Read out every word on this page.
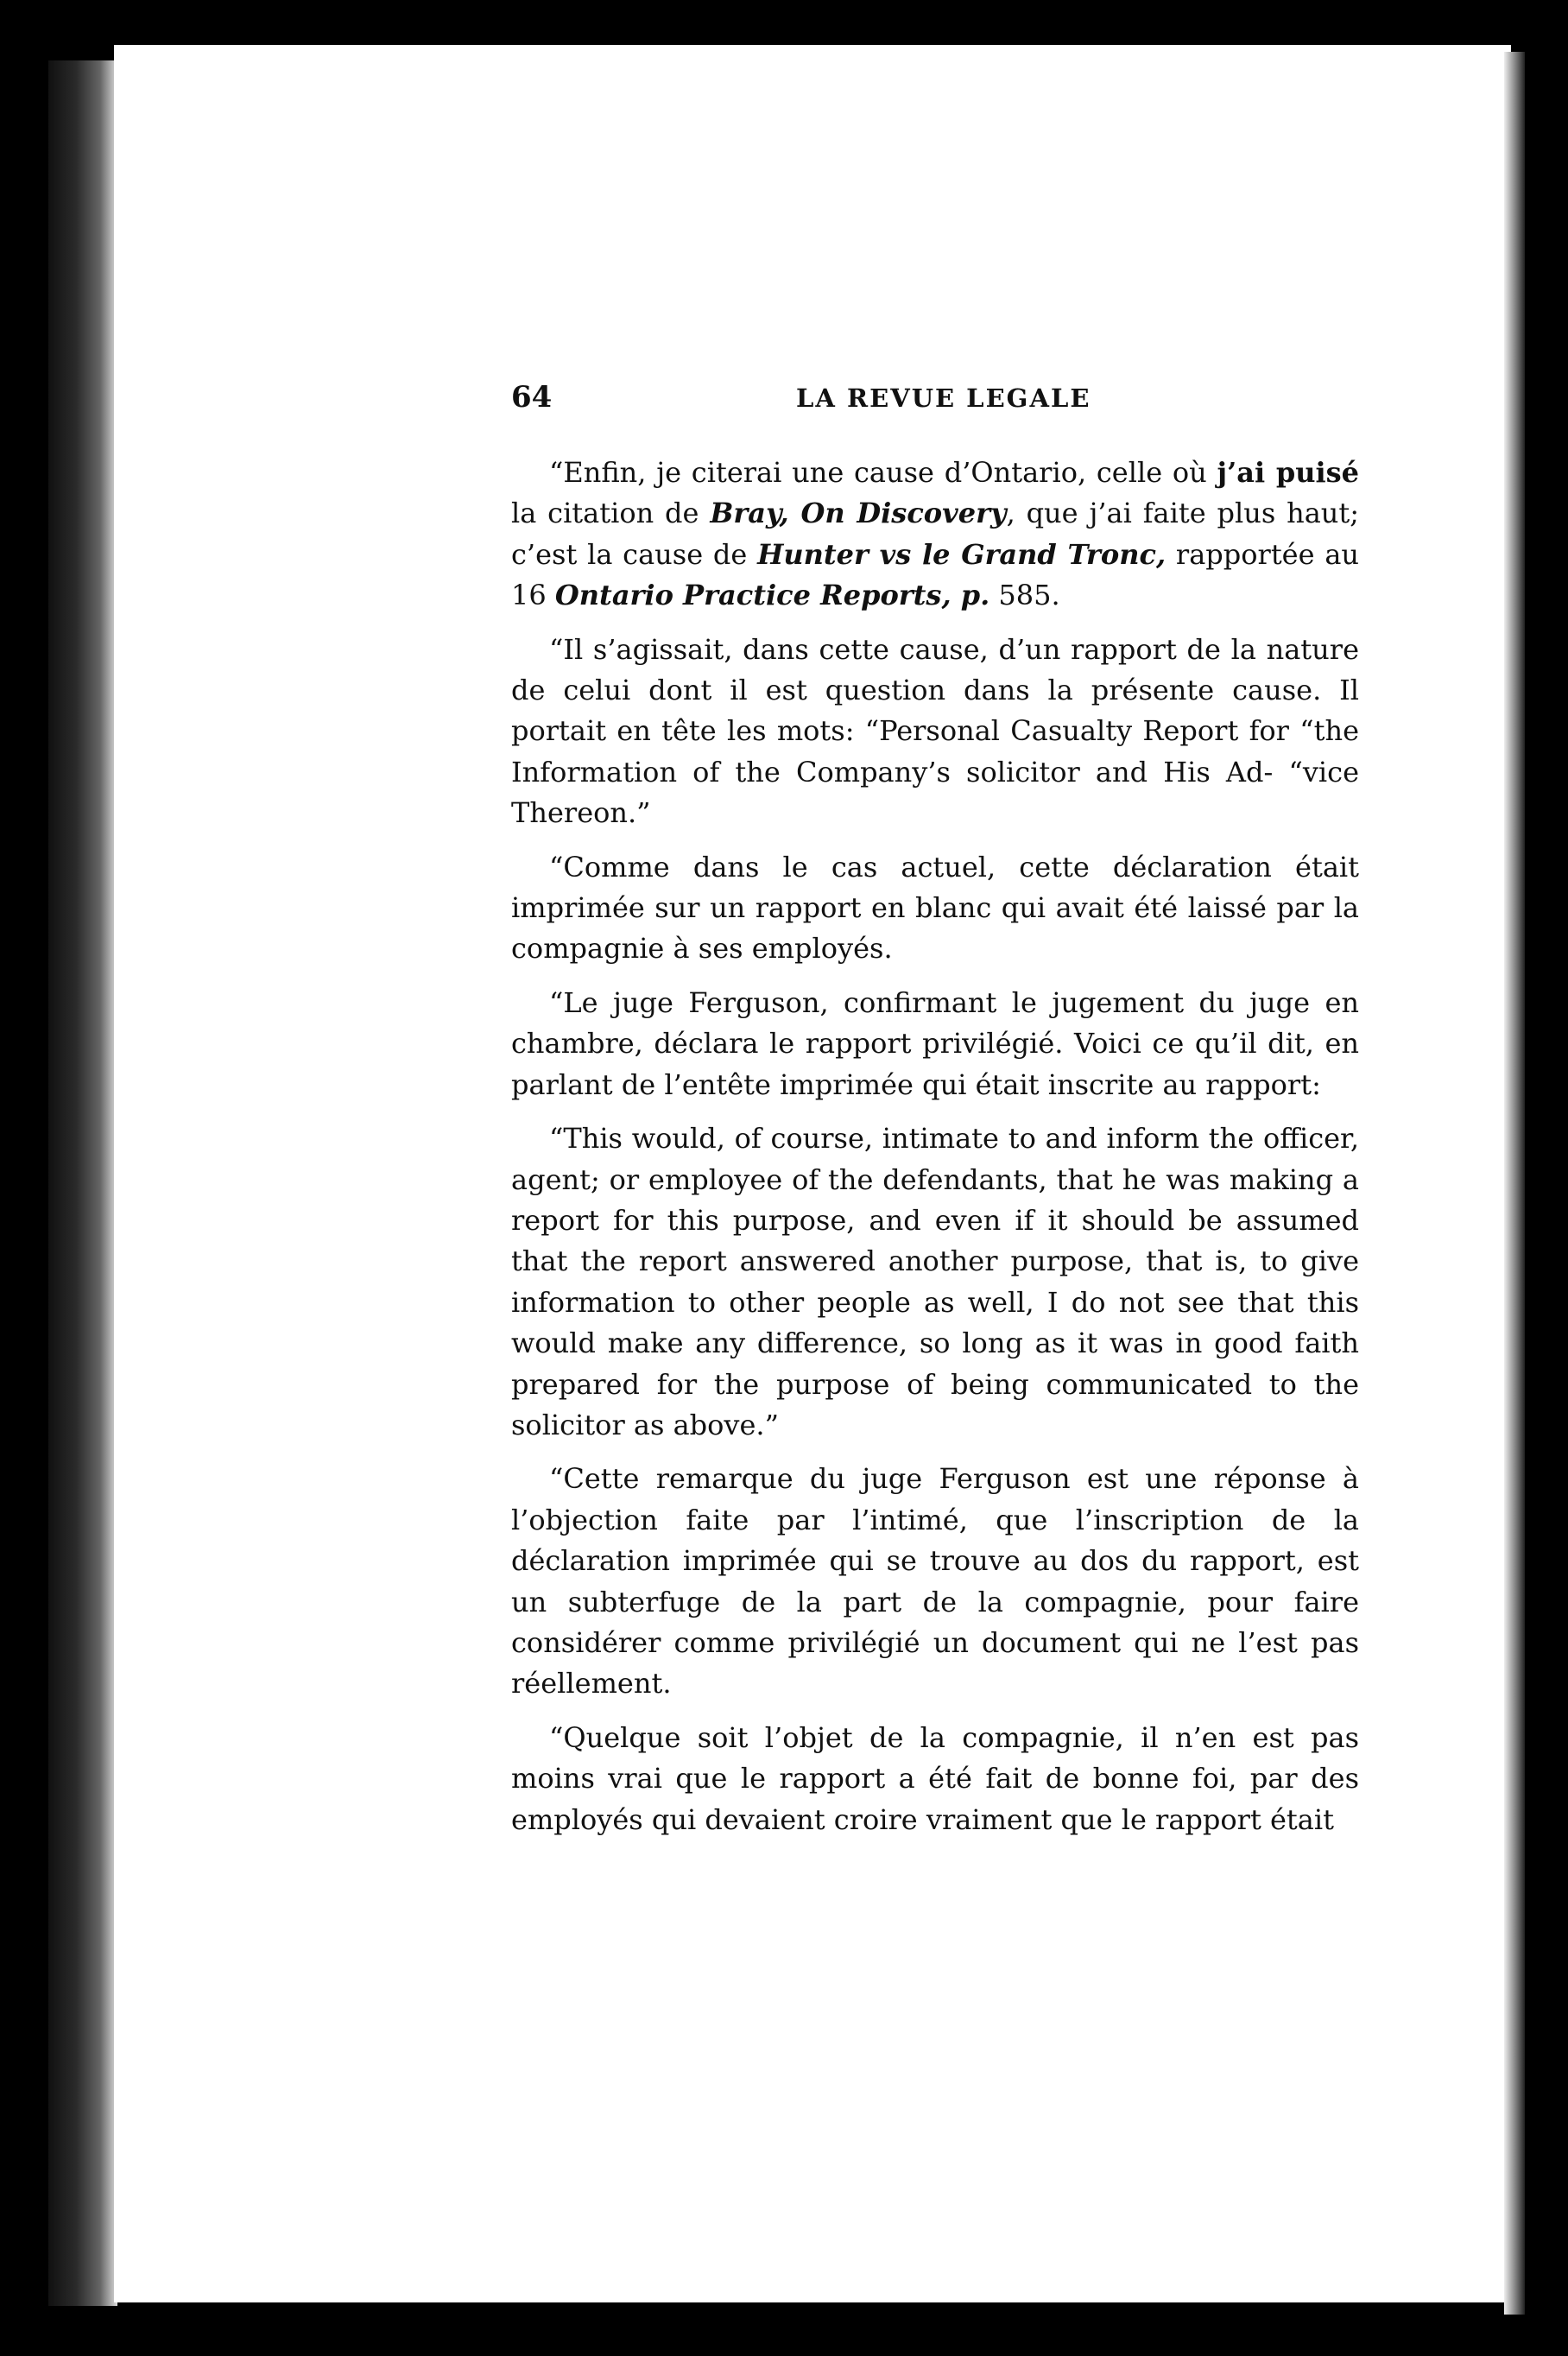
64	LA REVUE LEGALE

“Enfin, je citerai une cause d’Ontario, celle où j’ai puisé la citation de Bray, On Discovery, que j’ai faite plus haut; c’est la cause de Hunter vs le Grand Tronc, rapportée au 16 Ontario Practice Reports, p. 585.

“Il s’agissait, dans cette cause, d’un rapport de la nature de celui dont il est question dans la présente cause. Il portait en tête les mots: “Personal Casualty Report for “the Information of the Company’s solicitor and His Ad- “vice Thereon.”

“Comme dans le cas actuel, cette déclaration était imprimée sur un rapport en blanc qui avait été laissé par la compagnie à ses employés.

“Le juge Ferguson, confirmant le jugement du juge en chambre, déclara le rapport privilégié. Voici ce qu’il dit, en parlant de l’entête imprimée qui était inscrite au rapport:

“This would, of course, intimate to and inform the officer, agent; or employee of the defendants, that he was making a report for this purpose, and even if it should be assumed that the report answered another purpose, that is, to give information to other people as well, I do not see that this would make any difference, so long as it was in good faith prepared for the purpose of being communicated to the solicitor as above.”

“Cette remarque du juge Ferguson est une réponse à l’objection faite par l’intimé, que l’inscription de la déclaration imprimée qui se trouve au dos du rapport, est un subterfuge de la part de la compagnie, pour faire considérer comme privilégié un document qui ne l’est pas réellement.

“Quelque soit l’objet de la compagnie, il n’en est pas moins vrai que le rapport a été fait de bonne foi, par des employés qui devaient croire vraiment que le rapport était
